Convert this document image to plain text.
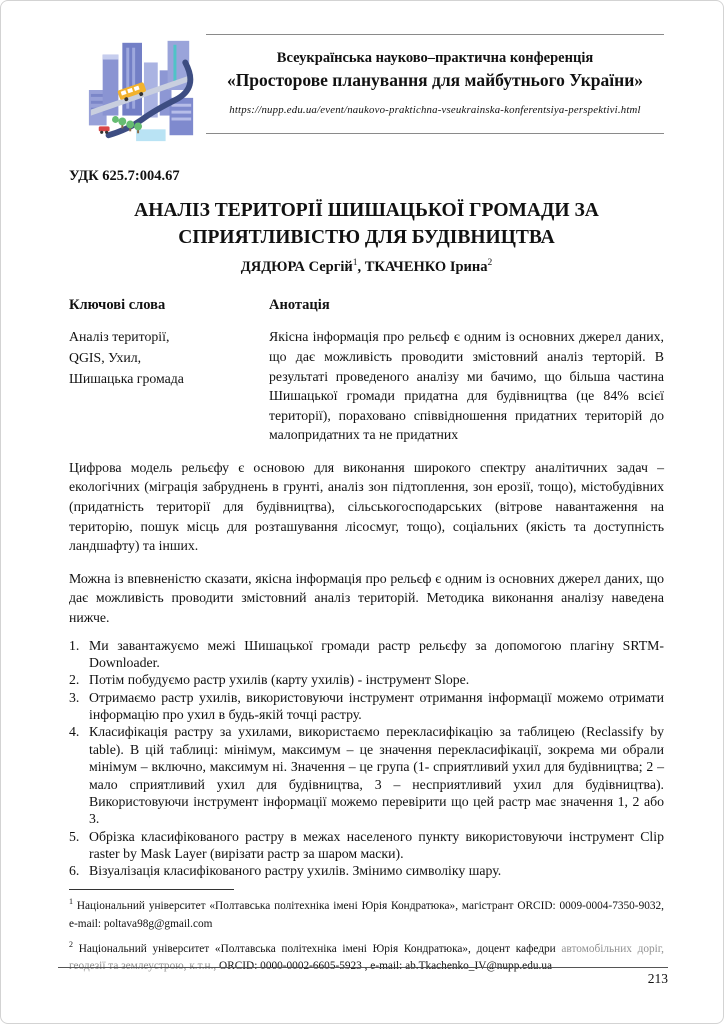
Всеукраїнська науково–практична конференція
«Просторове планування для майбутнього України»
https://nupp.edu.ua/event/naukovo-praktichna-vseukrainska-konferentsiya-perspektivi.html
УДК 625.7:004.67
АНАЛІЗ ТЕРИТОРІЇ ШИШАЦЬКОЇ ГРОМАДИ ЗА
СПРИЯТЛИВІСТЮ ДЛЯ БУДІВНИЦТВА
ДЯДЮРА Сергій$^1$, ТКАЧЕНКО Ірина$^2$
Ключові слова
Аналіз території,
QGIS, Ухил,
Шишацька громада
Анотація
Якісна інформація про рельєф є одним із основних джерел даних, що дає можливість проводити змістовний аналіз терторій. В результаті проведеного аналізу ми бачимо, що більша частина Шишацької громади придатна для будівництва (це 84% всієї території), пораховано співвідношення придатних територій до малопридатних та не придатних

Цифрова модель рельєфу є основою для виконання широкого спектру аналітичних задач – екологічних (міграція забруднень в грунті, аналіз зон підтоплення, зон ерозії, тощо), містобудівних (придатність території для будівництва), сільськогосподарських (вітрове навантаження на територію, пошук місць для розташування лісосмуг, тощо), соціальних (якість та доступність ландшафту) та інших.

Можна із впевненістю сказати, якісна інформація про рельєф є одним із основних джерел даних, що дає можливість проводити змістовний аналіз територій. Методика виконання аналізу наведена нижче.

1. Ми завантажуємо межі Шишацької громади растр рельєфу за допомогою плагіну SRTM-Downloader.
2. Потім побудуємо растр ухилів (карту ухилів) - інструмент Slope.
3. Отримаємо растр ухилів, використовуючи інструмент отримання інформації можемо отримати інформацію про ухил в будь-якій точці растру.
4. Класифікація растру за ухилами, використаємо перекласифікацію за таблицею (Reclassify by table). В цій таблиці: мінімум, максимум – це значення перекласифікації, зокрема ми обрали мінімум – включно, максимум ні. Значення – це група (1- сприятливий ухил для будівництва; 2 – мало сприятливий ухил для будівництва, 3 – несприятливий ухил для будівництва). Використовуючи інструмент інформації можемо перевірити що цей растр має значення 1, 2 або 3.
5. Обрізка класифікованого растру в межах населеного пункту використовуючи інструмент Clip raster by Mask Layer (вирізати растр за шаром маски).
6. Візуалізація класифікованого растру ухилів. Змінимо символіку шару.
$^1$ Національний університет «Полтавська політехніка імені Юрія Кондратюка», магістрант ORCID: 0009-0004-7350-9032, e-mail: poltava98g@gmail.com
$^2$ Національний університет «Полтавська політехніка імені Юрія Кондратюка», доцент кафедри автомобільних доріг, геодезії та землеустрою, к.т.н., ORCID: 0000-0002-6605-5923 , e-mail: ab.Tkachenko_IV@nupp.edu.ua
213
